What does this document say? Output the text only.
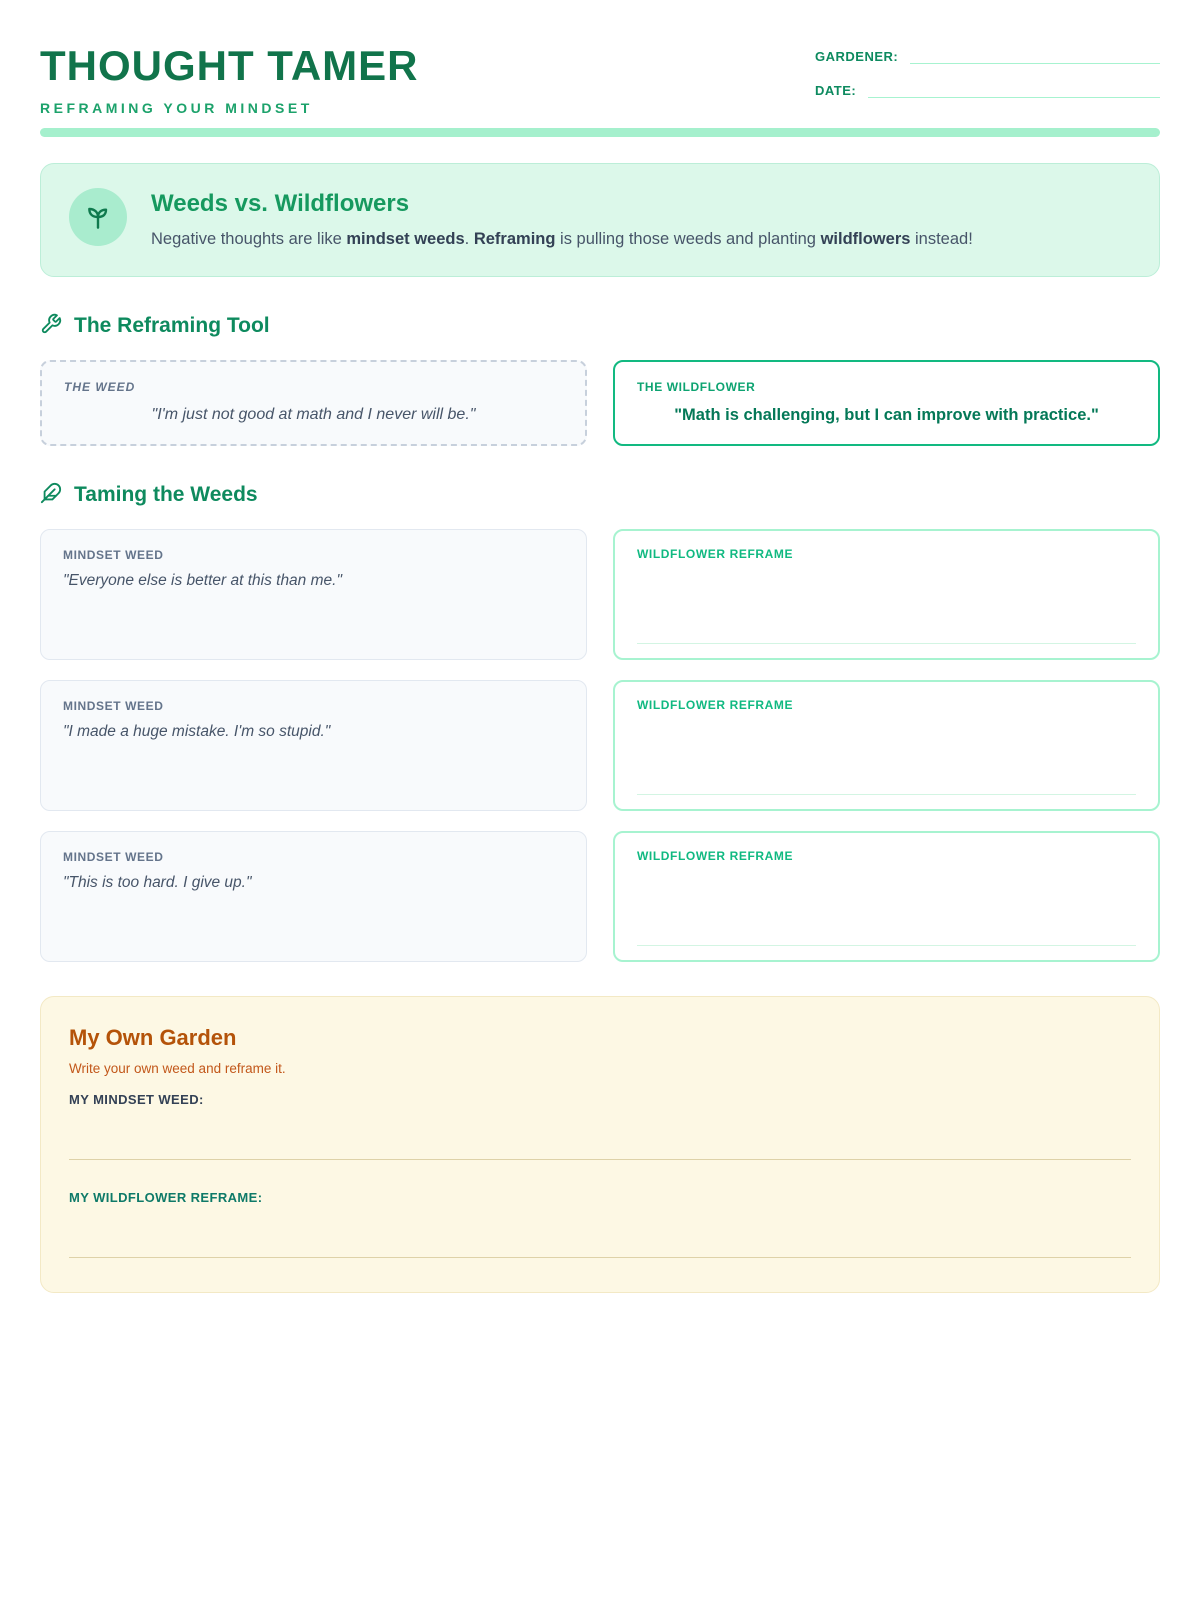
THOUGHT TAMER
REFRAMING YOUR MINDSET
GARDENER:
DATE:
Weeds vs. Wildflowers
Negative thoughts are like mindset weeds. Reframing is pulling those weeds and planting wildflowers instead!
The Reframing Tool
THE WEED
"I'm just not good at math and I never will be."
THE WILDFLOWER
"Math is challenging, but I can improve with practice."
Taming the Weeds
MINDSET WEED
"Everyone else is better at this than me."
WILDFLOWER REFRAME
MINDSET WEED
"I made a huge mistake. I'm so stupid."
WILDFLOWER REFRAME
MINDSET WEED
"This is too hard. I give up."
WILDFLOWER REFRAME
My Own Garden
Write your own weed and reframe it.
MY MINDSET WEED:
MY WILDFLOWER REFRAME:
